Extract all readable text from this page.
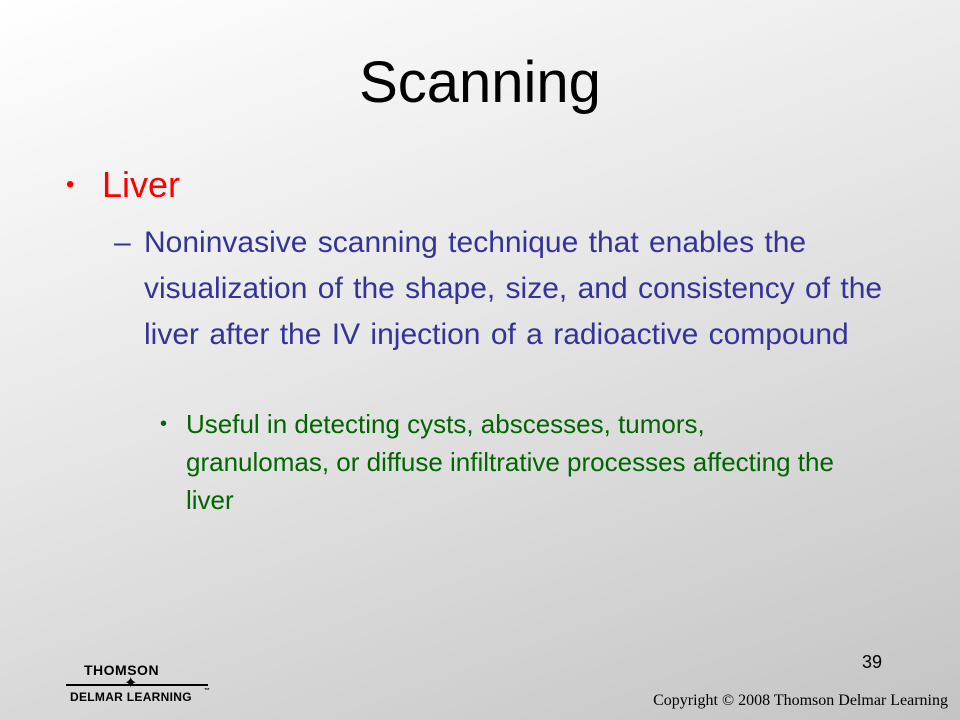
Scanning
• Liver
– Noninvasive scanning technique that enables the visualization of the shape, size, and consistency of the liver after the IV injection of a radioactive compound
• Useful in detecting cysts, abscesses, tumors, granulomas, or diffuse infiltrative processes affecting the liver
39
THOMSON
✦
DELMAR LEARNING ™
Copyright © 2008 Thomson Delmar Learning
